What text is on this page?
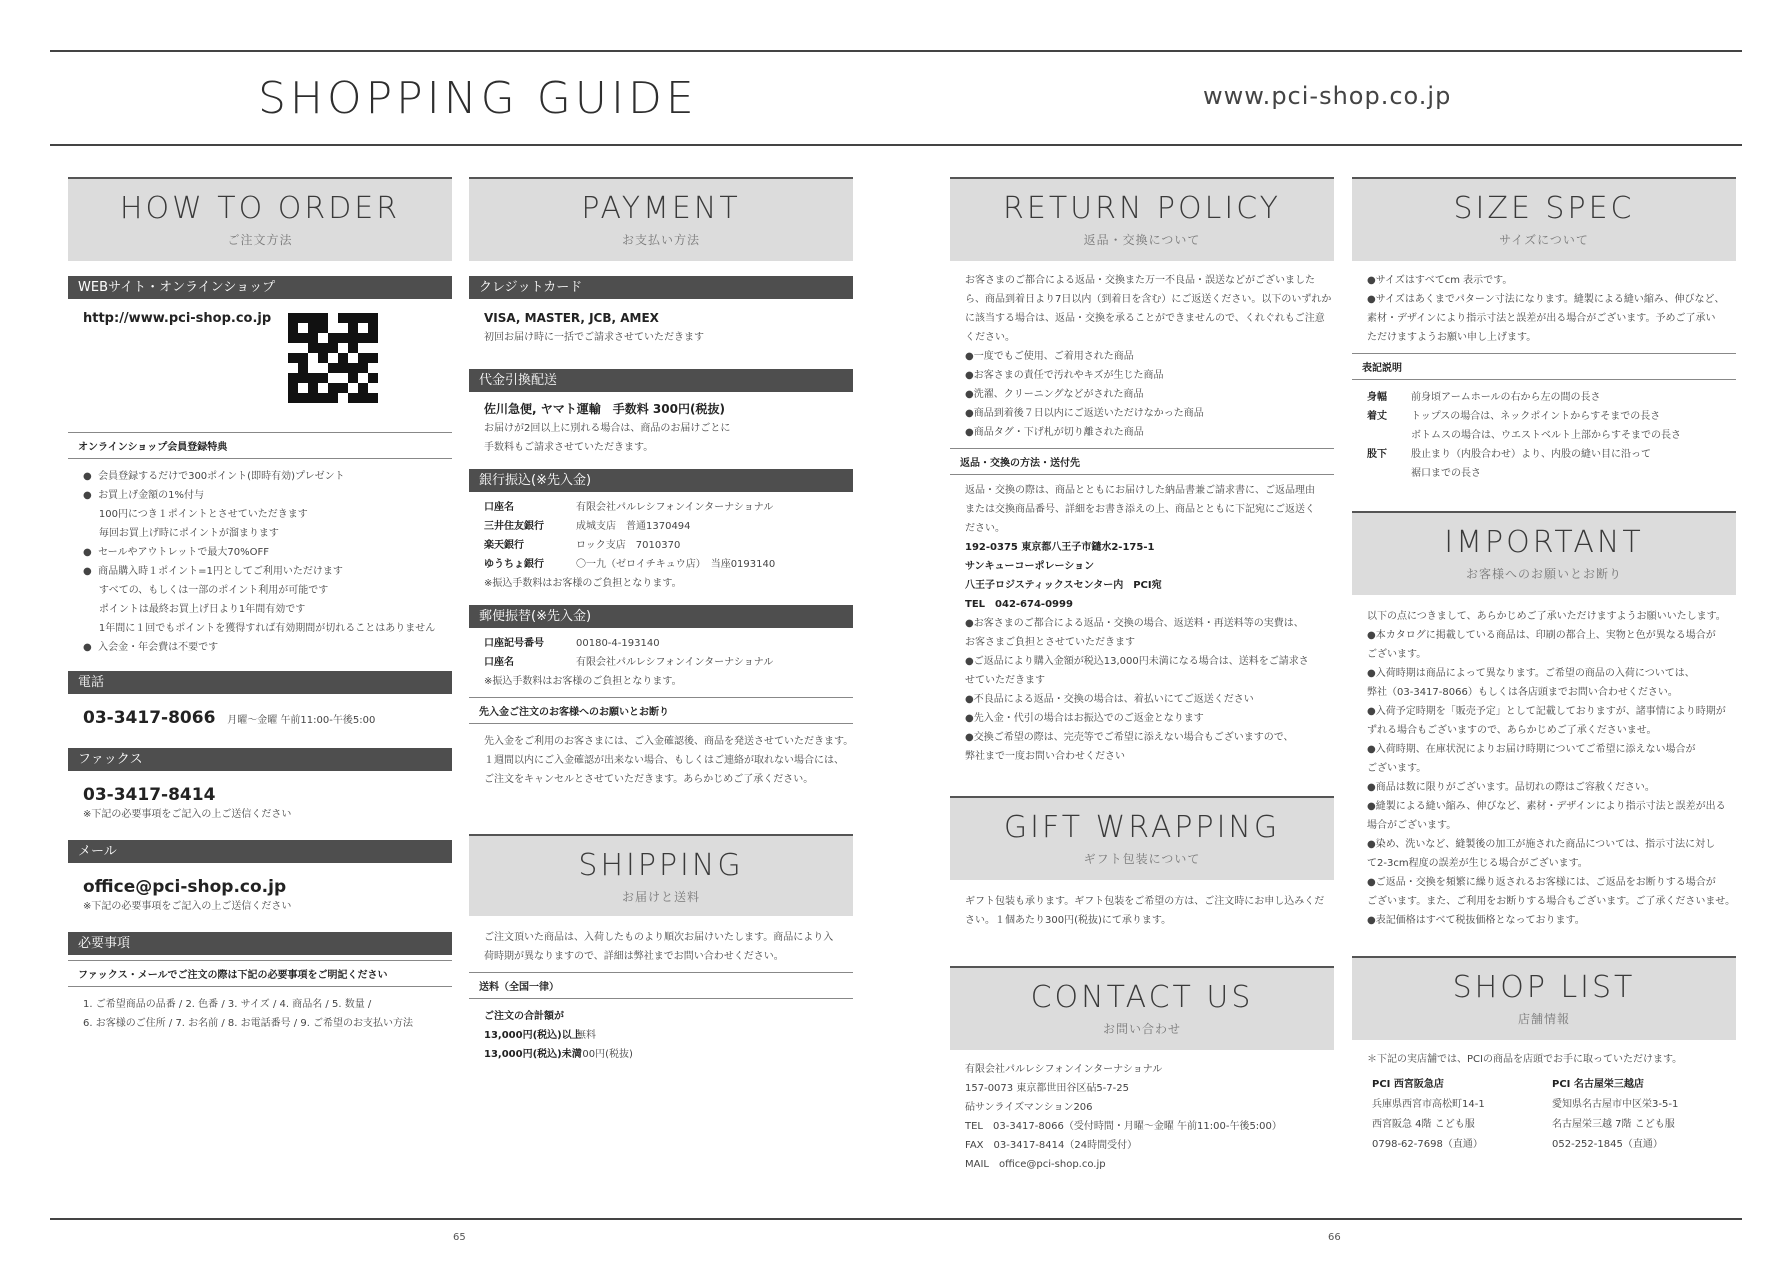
SHOPPING GUIDE	www.pci-shop.co.jp
HOW TO ORDER
ご注文方法
WEBサイト・オンラインショップ
http://www.pci-shop.co.jp
オンラインショップ会員登録特典
●  会員登録するだけで300ポイント(即時有効)プレゼント
●  お買上げ金額の1%付与
100円につき１ポイントとさせていただきます
毎回お買上げ時にポイントが溜まります
●  セールやアウトレットで最大70%OFF
●  商品購入時１ポイント=1円としてご利用いただけます
すべての、もしくは一部のポイント利用が可能です
ポイントは最終お買上げ日より1年間有効です
1年間に１回でもポイントを獲得すれば有効期間が切れることはありません
●  入会金・年会費は不要です
電話
03-3417-8066 月曜〜金曜 午前11:00-午後5:00
ファックス
03-3417-8414
※下記の必要事項をご記入の上ご送信ください
メール
office@pci-shop.co.jp
※下記の必要事項をご記入の上ご送信ください
必要事項
ファックス・メールでご注文の際は下記の必要事項をご明記ください
1. ご希望商品の品番 / 2. 色番 / 3. サイズ / 4. 商品名 / 5. 数量 /
6. お客様のご住所 / 7. お名前 / 8. お電話番号 / 9. ご希望のお支払い方法
PAYMENT
お支払い方法
クレジットカード
VISA, MASTER, JCB, AMEX
初回お届け時に一括でご請求させていただきます
代金引換配送
佐川急便, ヤマト運輸　手数料 300円(税抜)
お届けが2回以上に別れる場合は、商品のお届けごとに
手数料もご請求させていただきます。
銀行振込(※先入金)
口座名	有限会社パルレシフォンインターナショナル
三井住友銀行	成城支店　普通1370494
楽天銀行	ロック支店　7010370
ゆうちょ銀行	〇一九（ゼロイチキュウ店）　当座0193140
※振込手数料はお客様のご負担となります。
郵便振替(※先入金)
口座記号番号	00180-4-193140
口座名	有限会社パルレシフォンインターナショナル
※振込手数料はお客様のご負担となります。
先入金ご注文のお客様へのお願いとお断り
先入金をご利用のお客さまには、ご入金確認後、商品を発送させていただきます。
１週間以内にご入金確認が出来ない場合、もしくはご連絡が取れない場合には、
ご注文をキャンセルとさせていただきます。あらかじめご了承ください。
SHIPPING
お届けと送料
ご注文頂いた商品は、入荷したものより順次お届けいたします。商品により入
荷時期が異なりますので、詳細は弊社までお問い合わせください。
送料（全国一律）
ご注文の合計額が
13,000円(税込)以上
無料
13,000円(税込)未満
700円(税抜)
RETURN POLICY
返品・交換について
お客さまのご都合による返品・交換また万一不良品・誤送などがございました
ら、商品到着日より7日以内（到着日を含む）にご返送ください。以下のいずれか
に該当する場合は、返品・交換を承ることができませんので、くれぐれもご注意
ください。
●一度でもご使用、ご着用された商品
●お客さまの責任で汚れやキズが生じた商品
●洗濯、クリーニングなどがされた商品
●商品到着後７日以内にご返送いただけなかった商品
●商品タグ・下げ札が切り離された商品
返品・交換の方法・送付先
返品・交換の際は、商品とともにお届けした納品書兼ご請求書に、ご返品理由
または交換商品番号、詳細をお書き添えの上、商品とともに下記宛にご返送く
ださい。
192-0375 東京都八王子市鑓水2-175-1
サンキューコーポレーション
八王子ロジスティックスセンター内　PCI宛
TEL　042-674-0999
●お客さまのご都合による返品・交換の場合、返送料・再送料等の実費は、
お客さまご負担とさせていただきます
●ご返品により購入金額が税込13,000円未満になる場合は、送料をご請求さ
せていただきます
●不良品による返品・交換の場合は、着払いにてご返送ください
●先入金・代引の場合はお振込でのご返金となります
●交換ご希望の際は、完売等でご希望に添えない場合もございますので、
弊社まで一度お問い合わせください
GIFT WRAPPING
ギフト包装について
ギフト包装も承ります。ギフト包装をご希望の方は、ご注文時にお申し込みくだ
さい。１個あたり300円(税抜)にて承ります。
CONTACT US
お問い合わせ
有限会社パルレシフォンインターナショナル
157-0073 東京都世田谷区砧5-7-25
砧サンライズマンション206
TEL　03-3417-8066（受付時間・月曜〜金曜 午前11:00-午後5:00）
FAX　03-3417-8414（24時間受付）
MAIL　office@pci-shop.co.jp
SIZE SPEC
サイズについて
●サイズはすべてcm 表示です。
●サイズはあくまでパターン寸法になります。縫製による縫い縮み、伸びなど、
素材・デザインにより指示寸法と誤差が出る場合がございます。予めご了承い
ただけますようお願い申し上げます。
表記説明
身幅	前身頃アームホールの右から左の間の長さ
着丈	トップスの場合は、ネックポイントからすそまでの長さ
ボトムスの場合は、ウエストベルト上部からすそまでの長さ
股下	股止まり（内股合わせ）より、内股の縫い目に沿って
裾口までの長さ
IMPORTANT
お客様へのお願いとお断り
以下の点につきまして、あらかじめご了承いただけますようお願いいたします。
●本カタログに掲載している商品は、印刷の都合上、実物と色が異なる場合が
ございます。
●入荷時期は商品によって異なります。ご希望の商品の入荷については、
弊社（03-3417-8066）もしくは各店頭までお問い合わせください。
●入荷予定時期を「販売予定」として記載しておりますが、諸事情により時期が
ずれる場合もございますので、あらかじめご了承くださいませ。
●入荷時期、在庫状況によりお届け時期についてご希望に添えない場合が
ございます。
●商品は数に限りがございます。品切れの際はご容赦ください。
●縫製による縫い縮み、伸びなど、素材・デザインにより指示寸法と誤差が出る
場合がございます。
●染め、洗いなど、縫製後の加工が施された商品については、指示寸法に対し
て2-3cm程度の誤差が生じる場合がございます。
●ご返品・交換を頻繁に繰り返されるお客様には、ご返品をお断りする場合が
ございます。また、ご利用をお断りする場合もございます。ご了承くださいませ。
●表記価格はすべて税抜価格となっております。
SHOP LIST
店舗情報
＊下記の実店舗では、PCIの商品を店頭でお手に取っていただけます。
PCI 西宮阪急店
兵庫県西宮市高松町14-1
西宮阪急 4階 こども服
0798-62-7698（直通）
PCI 名古屋栄三越店
愛知県名古屋市中区栄3-5-1
名古屋栄三越 7階 こども服
052-252-1845（直通）
65	66
